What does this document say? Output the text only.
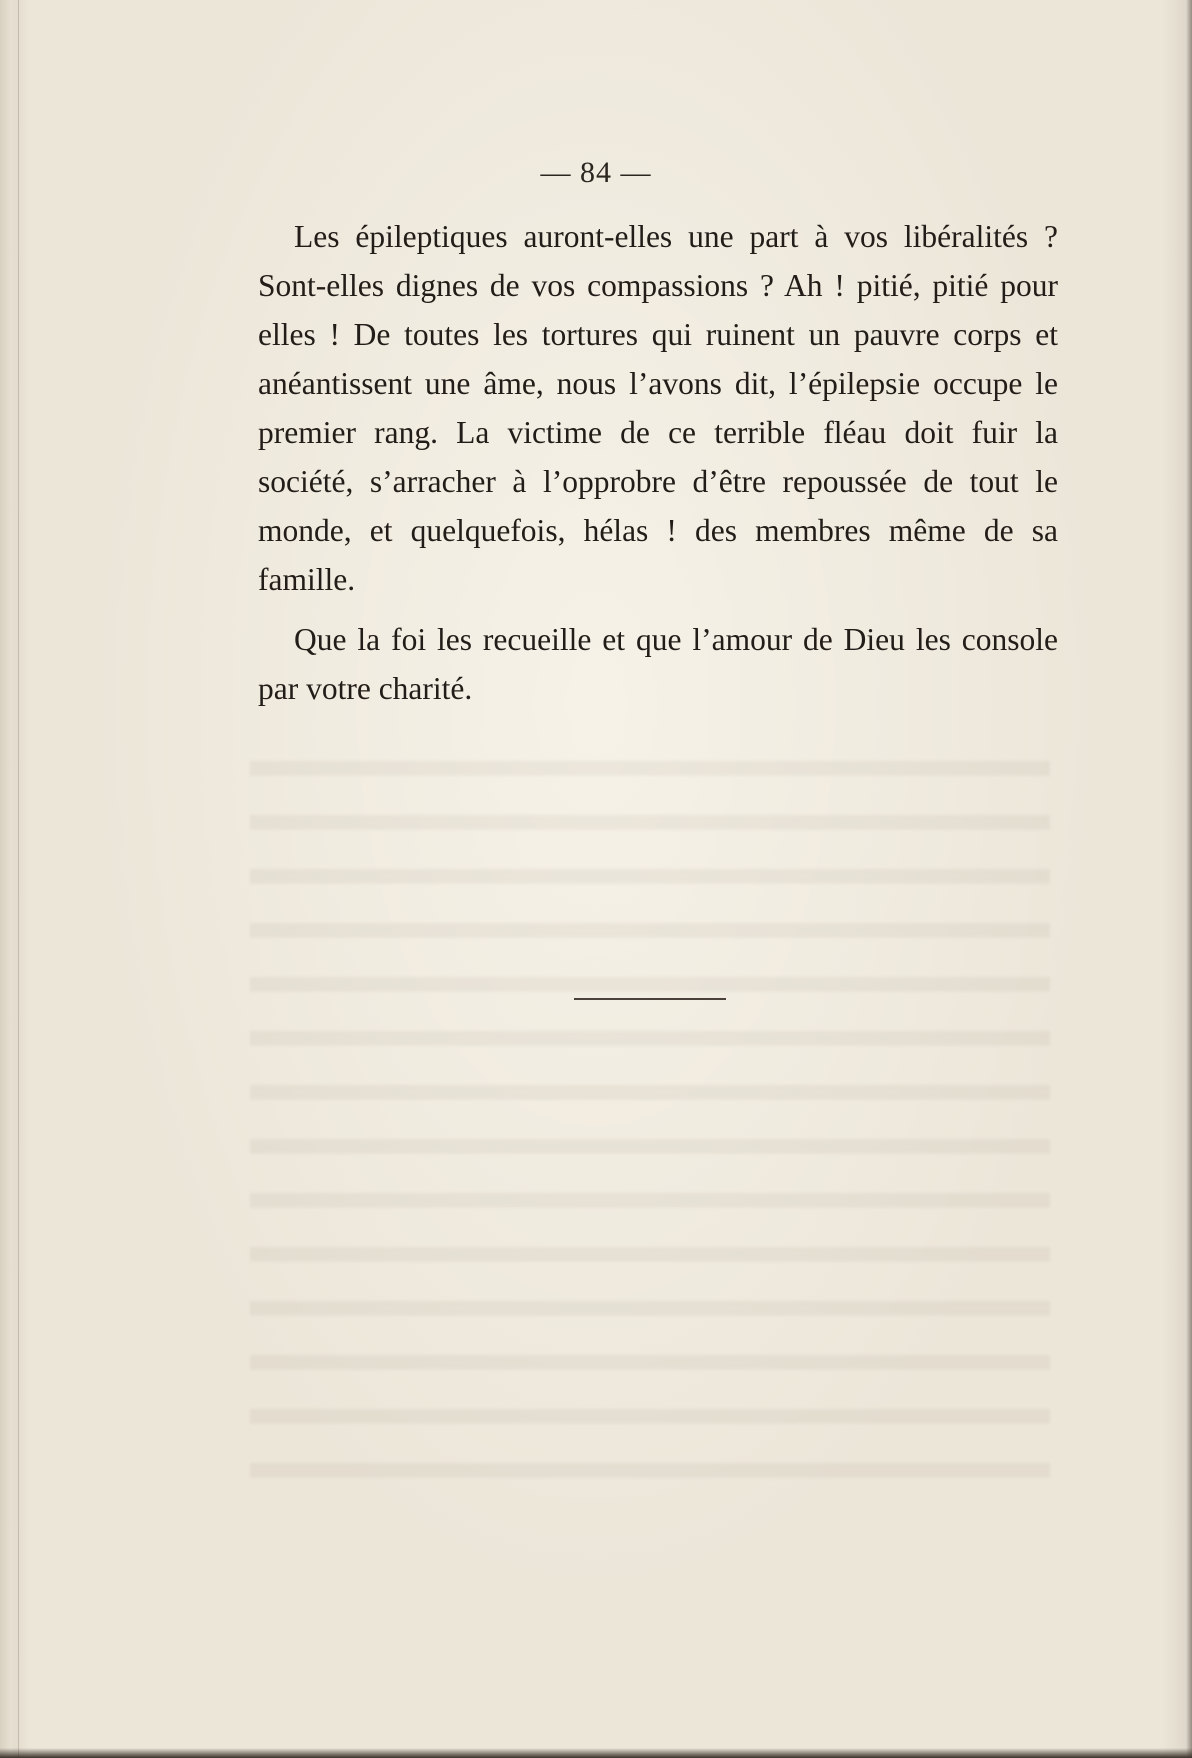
— 84 —

Les épileptiques auront-elles une part à vos libéralités ? Sont-elles dignes de vos compassions ? Ah ! pitié, pitié pour elles ! De toutes les tortures qui ruinent un pauvre corps et anéantissent une âme, nous l’avons dit, l’épilepsie occupe le premier rang. La victime de ce terrible fléau doit fuir la société, s’arracher à l’opprobre d’être repoussée de tout le monde, et quelquefois, hélas ! des membres même de sa famille.

Que la foi les recueille et que l’amour de Dieu les console par votre charité.
